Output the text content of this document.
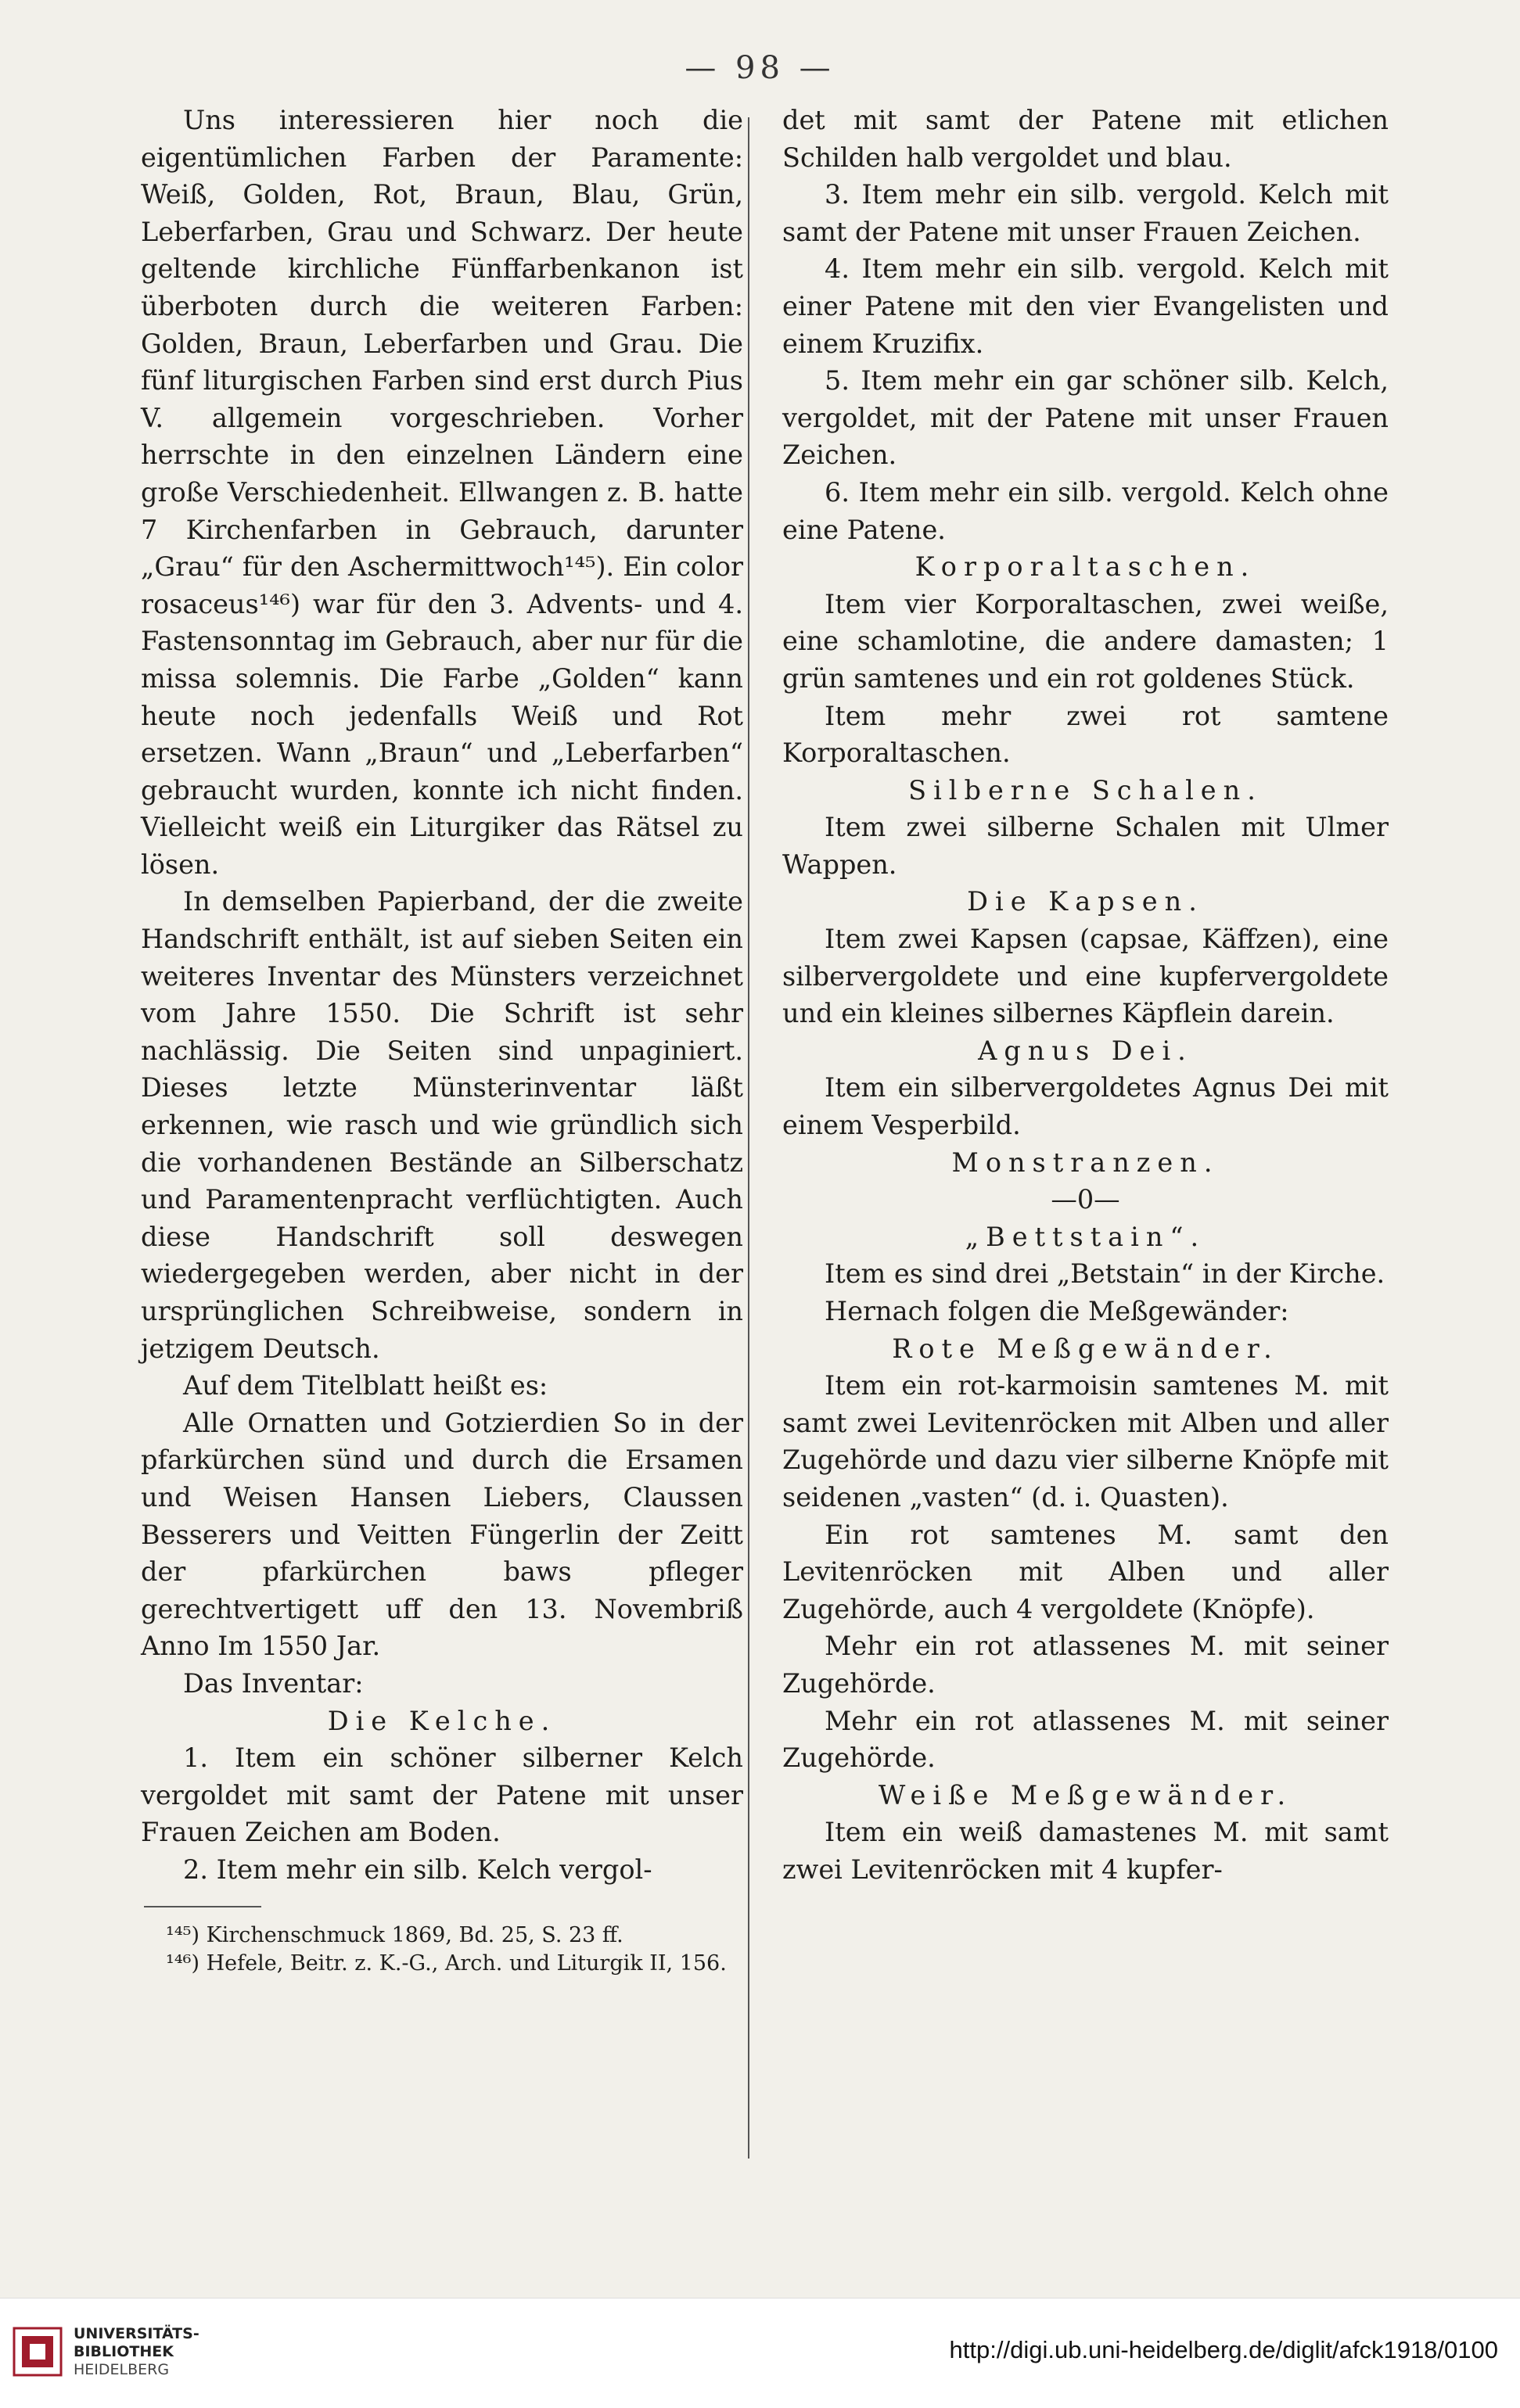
— 98 —

Uns interessieren hier noch die eigentümlichen Farben der Paramente: Weiß, Golden, Rot, Braun, Blau, Grün, Leberfarben, Grau und Schwarz. Der heute geltende kirchliche Fünffarbenkanon ist überboten durch die weiteren Farben: Golden, Braun, Leberfarben und Grau. Die fünf liturgischen Farben sind erst durch Pius V. allgemein vorgeschrieben. Vorher herrschte in den einzelnen Ländern eine große Verschiedenheit. Ellwangen z. B. hatte 7 Kirchenfarben in Gebrauch, darunter „Grau“ für den Aschermittwoch¹⁴⁵). Ein color rosaceus¹⁴⁶) war für den 3. Advents- und 4. Fastensonntag im Gebrauch, aber nur für die missa solemnis. Die Farbe „Golden“ kann heute noch jedenfalls Weiß und Rot ersetzen. Wann „Braun“ und „Leberfarben“ gebraucht wurden, konnte ich nicht finden. Vielleicht weiß ein Liturgiker das Rätsel zu lösen.

In demselben Papierband, der die zweite Handschrift enthält, ist auf sieben Seiten ein weiteres Inventar des Münsters verzeichnet vom Jahre 1550. Die Schrift ist sehr nachlässig. Die Seiten sind unpaginiert. Dieses letzte Münsterinventar läßt erkennen, wie rasch und wie gründlich sich die vorhandenen Bestände an Silberschatz und Paramentenpracht verflüchtigten. Auch diese Handschrift soll deswegen wiedergegeben werden, aber nicht in der ursprünglichen Schreibweise, sondern in jetzigem Deutsch.

Auf dem Titelblatt heißt es:

Alle Ornatten und Gotzierdien So in der pfarkürchen sünd und durch die Ersamen und Weisen Hansen Liebers, Claussen Besserers und Veitten Füngerlin der Zeitt der pfarkürchen baws pfleger gerechtvertigett uff den 13. Novembriß Anno Im 1550 Jar.

Das Inventar:

Die Kelche.

1. Item ein schöner silberner Kelch vergoldet mit samt der Patene mit unser Frauen Zeichen am Boden.

2. Item mehr ein silb. Kelch vergol-

¹⁴⁵) Kirchenschmuck 1869, Bd. 25, S. 23 ff.

¹⁴⁶) Hefele, Beitr. z. K.-G., Arch. und Liturgik II, 156.

det mit samt der Patene mit etlichen Schilden halb vergoldet und blau.

3. Item mehr ein silb. vergold. Kelch mit samt der Patene mit unser Frauen Zeichen.

4. Item mehr ein silb. vergold. Kelch mit einer Patene mit den vier Evangelisten und einem Kruzifix.

5. Item mehr ein gar schöner silb. Kelch, vergoldet, mit der Patene mit unser Frauen Zeichen.

6. Item mehr ein silb. vergold. Kelch ohne eine Patene.

Korporaltaschen.

Item vier Korporaltaschen, zwei weiße, eine schamlotine, die andere damasten; 1 grün samtenes und ein rot goldenes Stück.

Item mehr zwei rot samtene Korporaltaschen.

Silberne Schalen.

Item zwei silberne Schalen mit Ulmer Wappen.

Die Kapsen.

Item zwei Kapsen (capsae, Käffzen), eine silbervergoldete und eine kupfervergoldete und ein kleines silbernes Käpflein darein.

Agnus Dei.

Item ein silbervergoldetes Agnus Dei mit einem Vesperbild.

Monstranzen.

—0—

„Bettstain“.

Item es sind drei „Betstain“ in der Kirche.

Hernach folgen die Meßgewänder:

Rote Meßgewänder.

Item ein rot-karmoisin samtenes M. mit samt zwei Levitenröcken mit Alben und aller Zugehörde und dazu vier silberne Knöpfe mit seidenen „vasten“ (d. i. Quasten).

Ein rot samtenes M. samt den Levitenröcken mit Alben und aller Zugehörde, auch 4 vergoldete (Knöpfe).

Mehr ein rot atlassenes M. mit seiner Zugehörde.

Mehr ein rot atlassenes M. mit seiner Zugehörde.

Weiße Meßgewänder.

Item ein weiß damastenes M. mit samt zwei Levitenröcken mit 4 kupfer-

UNIVERSITÄTS-
BIBLIOTHEK
HEIDELBERG
http://digi.ub.uni-heidelberg.de/diglit/afck1918/0100
